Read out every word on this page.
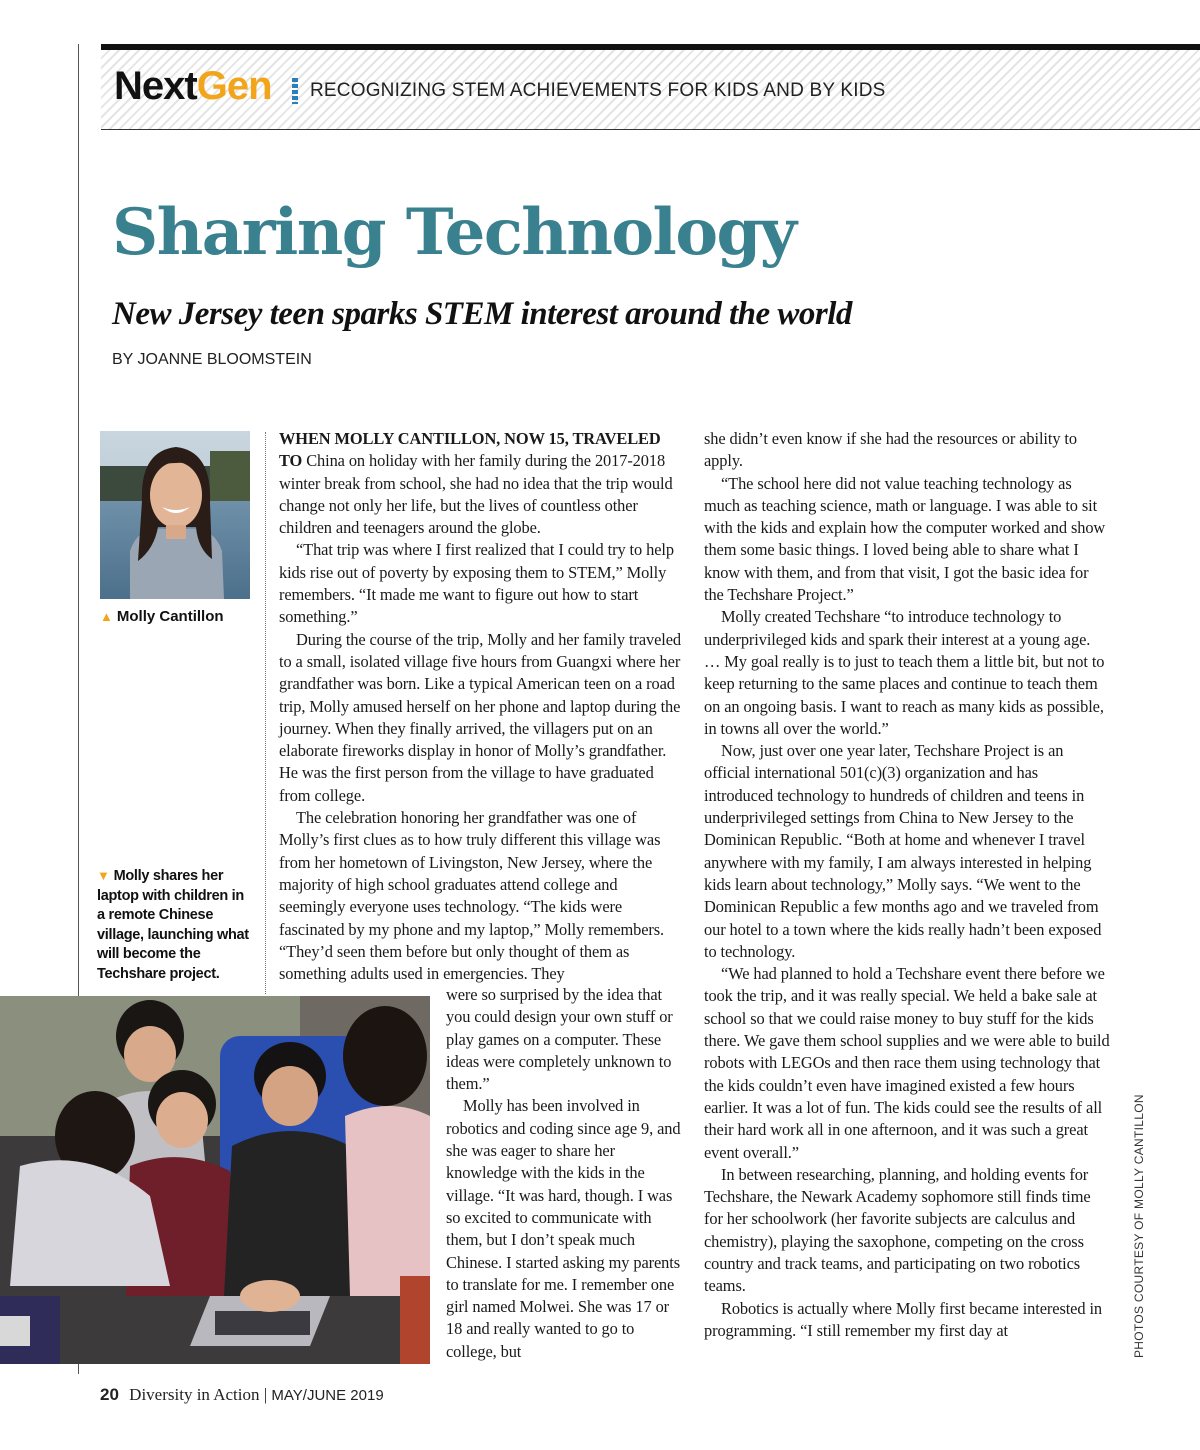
NextGen RECOGNIZING STEM ACHIEVEMENTS FOR KIDS AND BY KIDS
Sharing Technology
New Jersey teen sparks STEM interest around the world
BY JOANNE BLOOMSTEIN
▲ Molly Cantillon
▼ Molly shares her laptop with children in a remote Chinese village, launching what will become the Techshare project.

WHEN MOLLY CANTILLON, NOW 15, TRAVELED TO China on holiday with her family during the 2017-2018 winter break from school, she had no idea that the trip would change not only her life, but the lives of countless other children and teenagers around the globe.

“That trip was where I first realized that I could try to help kids rise out of poverty by exposing them to STEM,” Molly remembers. “It made me want to figure out how to start something.”

During the course of the trip, Molly and her family traveled to a small, isolated village five hours from Guangxi where her grandfather was born. Like a typical American teen on a road trip, Molly amused herself on her phone and laptop during the journey. When they finally arrived, the villagers put on an elaborate fireworks display in honor of Molly’s grandfather. He was the first person from the village to have graduated from college.

The celebration honoring her grandfather was one of Molly’s first clues as to how truly different this village was from her hometown of Livingston, New Jersey, where the majority of high school graduates attend college and seemingly everyone uses technology. “The kids were fascinated by my phone and my laptop,” Molly remembers. “They’d seen them before but only thought of them as something adults used in emergencies. They

were so surprised by the idea that you could design your own stuff or play games on a computer. These ideas were completely unknown to them.”

Molly has been involved in robotics and coding since age 9, and she was eager to share her knowledge with the kids in the village. “It was hard, though. I was so excited to communicate with them, but I don’t speak much Chinese. I started asking my parents to translate for me. I remember one girl named Molwei. She was 17 or 18 and really wanted to go to college, but

she didn’t even know if she had the resources or ability to apply.

“The school here did not value teaching technology as much as teaching science, math or language. I was able to sit with the kids and explain how the computer worked and show them some basic things. I loved being able to share what I know with them, and from that visit, I got the basic idea for the Techshare Project.”

Molly created Techshare “to introduce technology to underprivileged kids and spark their interest at a young age. … My goal really is to just to teach them a little bit, but not to keep returning to the same places and continue to teach them on an ongoing basis. I want to reach as many kids as possible, in towns all over the world.”

Now, just over one year later, Techshare Project is an official international 501(c)(3) organization and has introduced technology to hundreds of children and teens in underprivileged settings from China to New Jersey to the Dominican Republic. “Both at home and whenever I travel anywhere with my family, I am always interested in helping kids learn about technology,” Molly says. “We went to the Dominican Republic a few months ago and we traveled from our hotel to a town where the kids really hadn’t been exposed to technology.

“We had planned to hold a Techshare event there before we took the trip, and it was really special. We held a bake sale at school so that we could raise money to buy stuff for the kids there. We gave them school supplies and we were able to build robots with LEGOs and then race them using technology that the kids couldn’t even have imagined existed a few hours earlier. It was a lot of fun. The kids could see the results of all their hard work all in one afternoon, and it was such a great event overall.”

In between researching, planning, and holding events for Techshare, the Newark Academy sophomore still finds time for her schoolwork (her favorite subjects are calculus and chemistry), playing the saxophone, competing on the cross country and track teams, and participating on two robotics teams.

Robotics is actually where Molly first became interested in programming. “I still remember my first day at	PHOTOS COURTESY OF MOLLY CANTILLON
20 Diversity in Action | MAY/JUNE 2019
